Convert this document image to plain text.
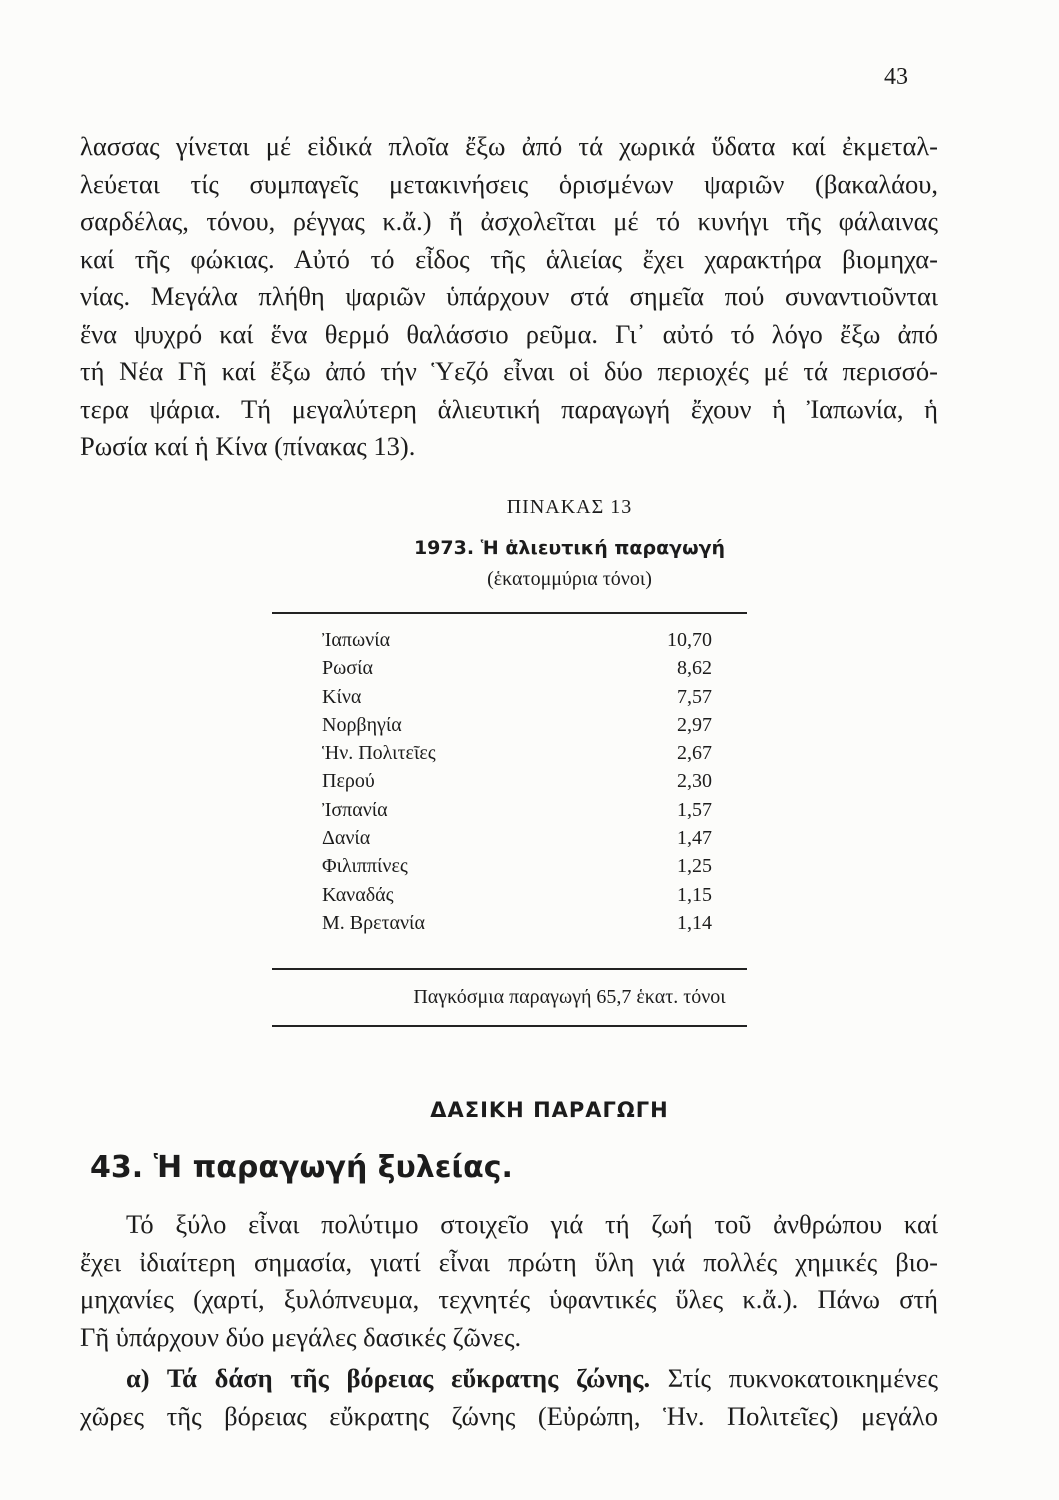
43
λασσας γίνεται μέ εἰδικά πλοῖα ἔξω ἀπό τά χωρικά ὕδατα καί ἐκμεταλ-
λεύεται τίς συμπαγεῖς μετακινήσεις ὁρισμένων ψαριῶν (βακαλάου,
σαρδέλας, τόνου, ρέγγας κ.ἄ.) ἤ ἀσχολεῖται μέ τό κυνήγι τῆς φάλαινας
καί τῆς φώκιας. Αὐτό τό εἶδος τῆς ἁλιείας ἔχει χαρακτήρα βιομηχα-
νίας. Μεγάλα πλήθη ψαριῶν ὑπάρχουν στά σημεῖα πού συναντιοῦνται
ἕνα ψυχρό καί ἕνα θερμό θαλάσσιο ρεῦμα. Γι᾽ αὐτό τό λόγο ἔξω ἀπό
τή Νέα Γῆ καί ἔξω ἀπό τήν Ὑεζό εἶναι οἱ δύο περιοχές μέ τά περισσό-
τερα ψάρια. Τή μεγαλύτερη ἁλιευτική παραγωγή ἔχουν ἡ Ἰαπωνία, ἡ
Ρωσία καί ἡ Κίνα (πίνακας 13).
ΠΙΝΑΚΑΣ 13
1973. Ἡ ἁλιευτική παραγωγή
(ἑκατομμύρια τόνοι)
Ἰαπωνία	10,70
Ρωσία	8,62
Κίνα	7,57
Νορβηγία	2,97
Ἡν. Πολιτεῖες	2,67
Περού	2,30
Ἰσπανία	1,57
Δανία	1,47
Φιλιππίνες	1,25
Καναδάς	1,15
Μ. Βρετανία	1,14
Παγκόσμια παραγωγή 65,7 ἑκατ. τόνοι
ΔΑΣΙΚΗ ΠΑΡΑΓΩΓΗ
43. Ἡ παραγωγή ξυλείας.
Τό ξύλο εἶναι πολύτιμο στοιχεῖο γιά τή ζωή τοῦ ἀνθρώπου καί
ἔχει ἰδιαίτερη σημασία, γιατί εἶναι πρώτη ὕλη γιά πολλές χημικές βιο-
μηχανίες (χαρτί, ξυλόπνευμα, τεχνητές ὑφαντικές ὕλες κ.ἄ.). Πάνω στή
Γῆ ὑπάρχουν δύο μεγάλες δασικές ζῶνες.
α) Τά δάση τῆς βόρειας εὔκρατης ζώνης. Στίς πυκνοκατοικημένες
χῶρες τῆς βόρειας εὔκρατης ζώνης (Εὐρώπη, Ἡν. Πολιτεῖες) μεγάλο
